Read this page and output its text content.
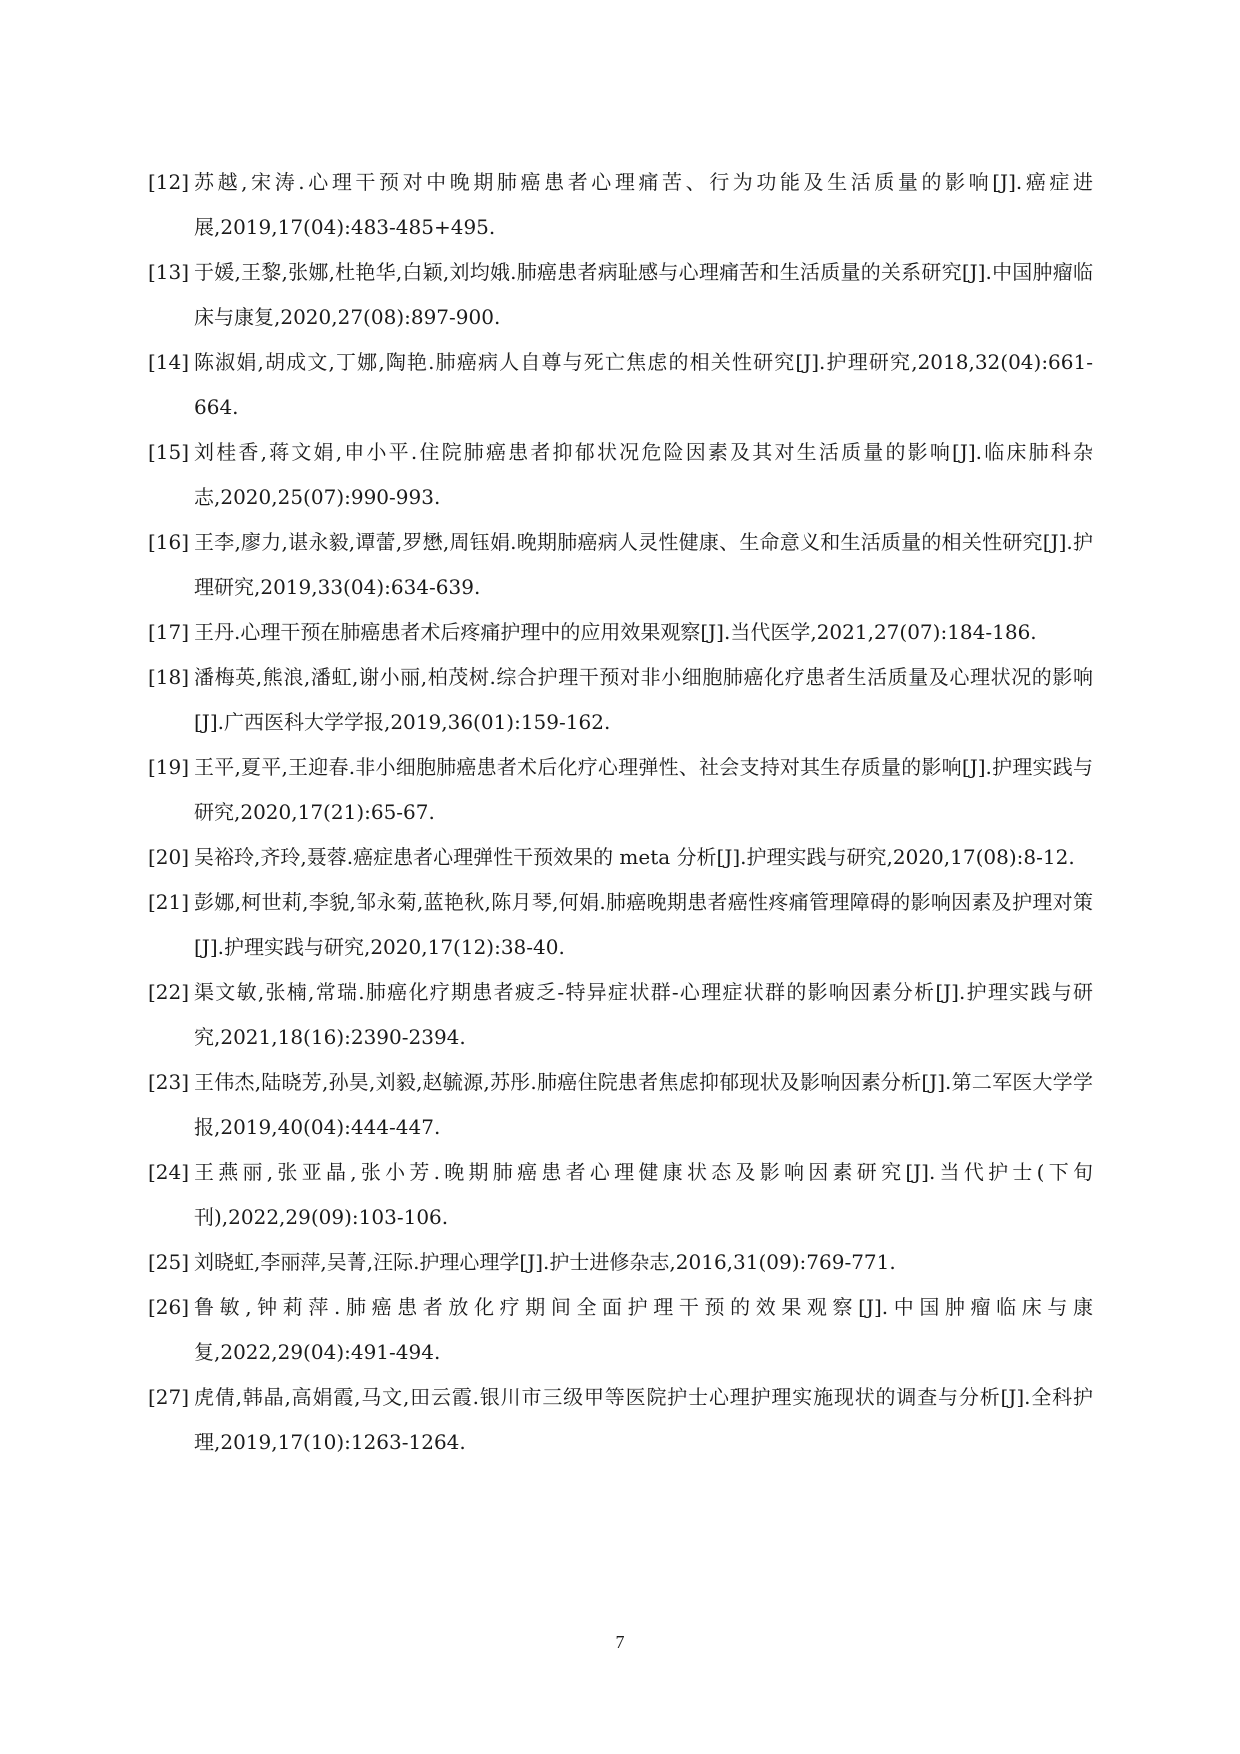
[12] 苏越,宋涛.心理干预对中晚期肺癌患者心理痛苦、行为功能及生活质量的影响[J].癌症进展,2019,17(04):483-485+495.
[13] 于媛,王黎,张娜,杜艳华,白颖,刘均娥.肺癌患者病耻感与心理痛苦和生活质量的关系研究[J].中国肿瘤临床与康复,2020,27(08):897-900.
[14] 陈淑娟,胡成文,丁娜,陶艳.肺癌病人自尊与死亡焦虑的相关性研究[J].护理研究,2018,32(04):661-664.
[15] 刘桂香,蒋文娟,申小平.住院肺癌患者抑郁状况危险因素及其对生活质量的影响[J].临床肺科杂志,2020,25(07):990-993.
[16] 王李,廖力,谌永毅,谭蕾,罗懋,周钰娟.晚期肺癌病人灵性健康、生命意义和生活质量的相关性研究[J].护理研究,2019,33(04):634-639.
[17] 王丹.心理干预在肺癌患者术后疼痛护理中的应用效果观察[J].当代医学,2021,27(07):184-186.
[18] 潘梅英,熊浪,潘虹,谢小丽,柏茂树.综合护理干预对非小细胞肺癌化疗患者生活质量及心理状况的影响[J].广西医科大学学报,2019,36(01):159-162.
[19] 王平,夏平,王迎春.非小细胞肺癌患者术后化疗心理弹性、社会支持对其生存质量的影响[J].护理实践与研究,2020,17(21):65-67.
[20] 吴裕玲,齐玲,聂蓉.癌症患者心理弹性干预效果的 meta 分析[J].护理实践与研究,2020,17(08):8-12.
[21] 彭娜,柯世莉,李貌,邹永菊,蓝艳秋,陈月琴,何娟.肺癌晚期患者癌性疼痛管理障碍的影响因素及护理对策[J].护理实践与研究,2020,17(12):38-40.
[22] 渠文敏,张楠,常瑞.肺癌化疗期患者疲乏-特异症状群-心理症状群的影响因素分析[J].护理实践与研究,2021,18(16):2390-2394.
[23] 王伟杰,陆晓芳,孙昊,刘毅,赵毓源,苏彤.肺癌住院患者焦虑抑郁现状及影响因素分析[J].第二军医大学学报,2019,40(04):444-447.
[24] 王燕丽,张亚晶,张小芳.晚期肺癌患者心理健康状态及影响因素研究[J].当代护士(下旬刊),2022,29(09):103-106.
[25] 刘晓虹,李丽萍,吴菁,汪际.护理心理学[J].护士进修杂志,2016,31(09):769-771.
[26] 鲁敏,钟莉萍.肺癌患者放化疗期间全面护理干预的效果观察[J].中国肿瘤临床与康复,2022,29(04):491-494.
[27] 虎倩,韩晶,高娟霞,马文,田云霞.银川市三级甲等医院护士心理护理实施现状的调查与分析[J].全科护理,2019,17(10):1263-1264.
7
